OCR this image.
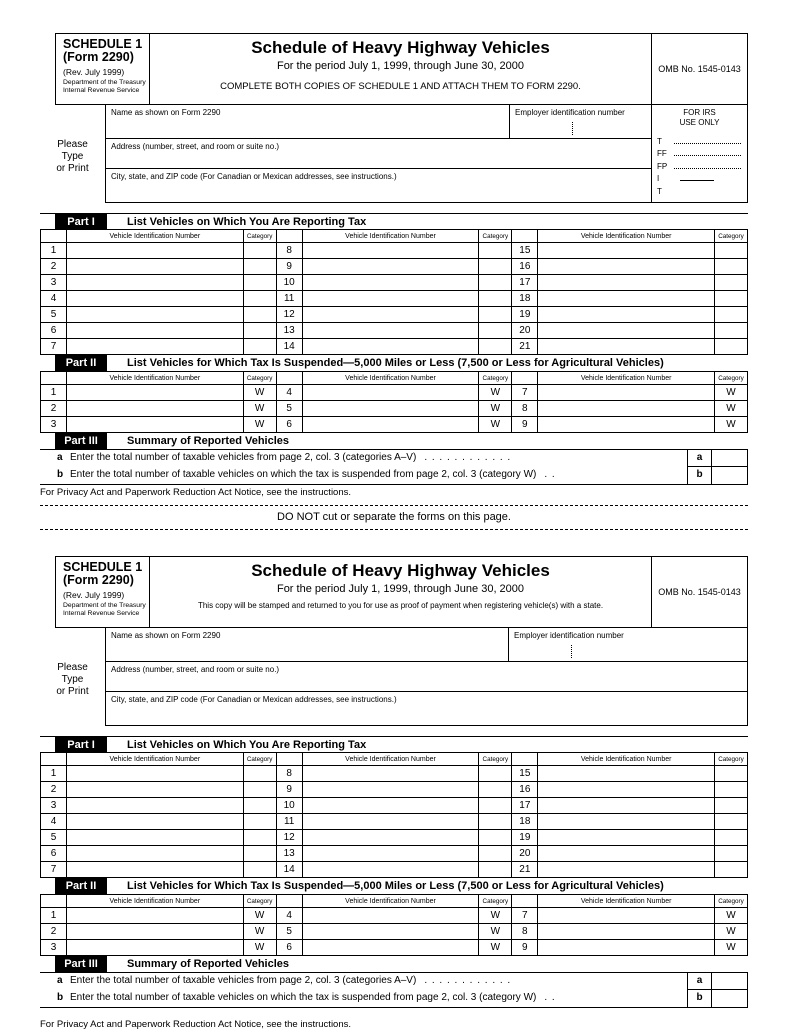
SCHEDULE 1
(Form 2290)
(Rev. July 1999)
Department of the Treasury
Internal Revenue Service
Schedule of Heavy Highway Vehicles
For the period July 1, 1999, through June 30, 2000
COMPLETE BOTH COPIES OF SCHEDULE 1 AND ATTACH THEM TO FORM 2290.
OMB No. 1545-0143
Please
Type
or Print
Name as shown on Form 2290	Employer identification number
Address (number, street, and room or suite no.)
City, state, and ZIP code (For Canadian or Mexican addresses, see instructions.)
FOR IRS
USE ONLY
T
FF
FP
I
T
Part I	List Vehicles on Which You Are Reporting Tax
Vehicle Identification Number	Category	Vehicle Identification Number	Category	Vehicle Identification Number	Category
1	8	15
2	9	16
3	10	17
4	11	18
5	12	19
6	13	20
7	14	21
Part II	List Vehicles for Which Tax Is Suspended—5,000 Miles or Less (7,500 or Less for Agricultural Vehicles)
Vehicle Identification Number	Category	Vehicle Identification Number	Category	Vehicle Identification Number	Category
1	W	4	W	7	W
2	W	5	W	8	W
3	W	6	W	9	W
Part III	Summary of Reported Vehicles
a Enter the total number of taxable vehicles from page 2, col. 3 (categories A–V) . . . . . . . . . . . .	a
b Enter the total number of taxable vehicles on which the tax is suspended from page 2, col. 3 (category W) . .	b
For Privacy Act and Paperwork Reduction Act Notice, see the instructions.
DO NOT cut or separate the forms on this page.
SCHEDULE 1
(Form 2290)
(Rev. July 1999)
Department of the Treasury
Internal Revenue Service
Schedule of Heavy Highway Vehicles
For the period July 1, 1999, through June 30, 2000
This copy will be stamped and returned to you for use as proof of payment when registering vehicle(s) with a state.
OMB No. 1545-0143
Please
Type
or Print
Name as shown on Form 2290	Employer identification number
Address (number, street, and room or suite no.)
City, state, and ZIP code (For Canadian or Mexican addresses, see instructions.)
Part I	List Vehicles on Which You Are Reporting Tax
Vehicle Identification Number	Category	Vehicle Identification Number	Category	Vehicle Identification Number	Category
1	8	15
2	9	16
3	10	17
4	11	18
5	12	19
6	13	20
7	14	21
Part II	List Vehicles for Which Tax Is Suspended—5,000 Miles or Less (7,500 or Less for Agricultural Vehicles)
Vehicle Identification Number	Category	Vehicle Identification Number	Category	Vehicle Identification Number	Category
1	W	4	W	7	W
2	W	5	W	8	W
3	W	6	W	9	W
Part III	Summary of Reported Vehicles
a Enter the total number of taxable vehicles from page 2, col. 3 (categories A–V) . . . . . . . . . . . .	a
b Enter the total number of taxable vehicles on which the tax is suspended from page 2, col. 3 (category W) . .	b
For Privacy Act and Paperwork Reduction Act Notice, see the instructions.
